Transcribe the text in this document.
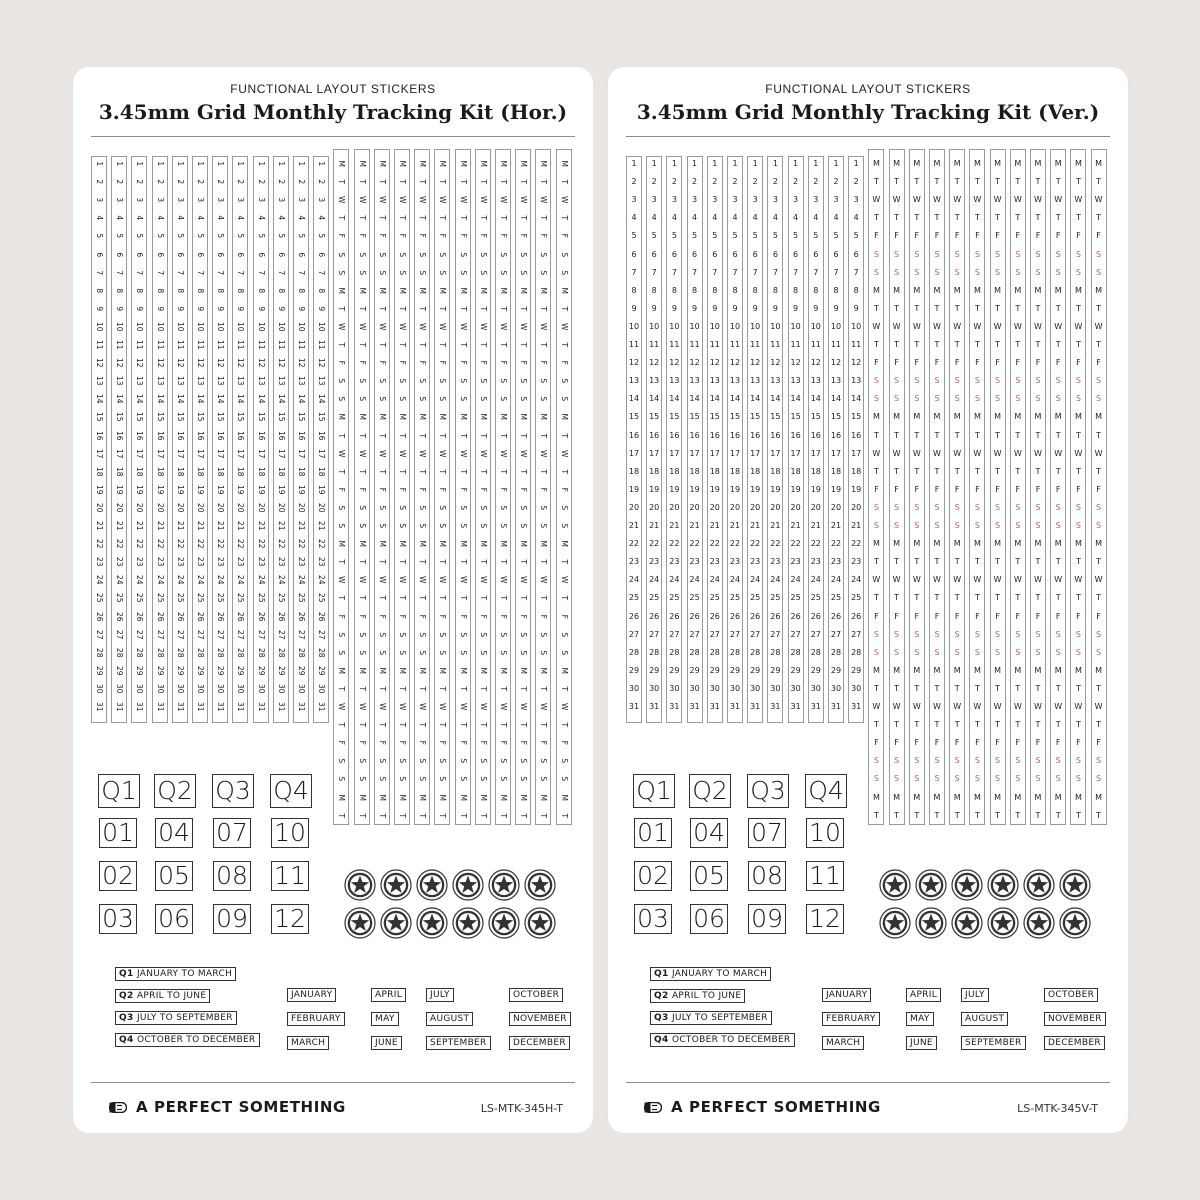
FUNCTIONAL LAYOUT STICKERS
3.45mm Grid Monthly Tracking Kit (Hor.)
1
2
3
4
5
6
7
8
9
10
11
12
13
14
15
16
17
18
19
20
21
22
23
24
25
26
27
28
29
30
31
1
2
3
4
5
6
7
8
9
10
11
12
13
14
15
16
17
18
19
20
21
22
23
24
25
26
27
28
29
30
31
1
2
3
4
5
6
7
8
9
10
11
12
13
14
15
16
17
18
19
20
21
22
23
24
25
26
27
28
29
30
31
1
2
3
4
5
6
7
8
9
10
11
12
13
14
15
16
17
18
19
20
21
22
23
24
25
26
27
28
29
30
31
1
2
3
4
5
6
7
8
9
10
11
12
13
14
15
16
17
18
19
20
21
22
23
24
25
26
27
28
29
30
31
1
2
3
4
5
6
7
8
9
10
11
12
13
14
15
16
17
18
19
20
21
22
23
24
25
26
27
28
29
30
31
1
2
3
4
5
6
7
8
9
10
11
12
13
14
15
16
17
18
19
20
21
22
23
24
25
26
27
28
29
30
31
1
2
3
4
5
6
7
8
9
10
11
12
13
14
15
16
17
18
19
20
21
22
23
24
25
26
27
28
29
30
31
1
2
3
4
5
6
7
8
9
10
11
12
13
14
15
16
17
18
19
20
21
22
23
24
25
26
27
28
29
30
31
1
2
3
4
5
6
7
8
9
10
11
12
13
14
15
16
17
18
19
20
21
22
23
24
25
26
27
28
29
30
31
1
2
3
4
5
6
7
8
9
10
11
12
13
14
15
16
17
18
19
20
21
22
23
24
25
26
27
28
29
30
31
1
2
3
4
5
6
7
8
9
10
11
12
13
14
15
16
17
18
19
20
21
22
23
24
25
26
27
28
29
30
31
M
T
W
T
F
S
S
M
T
W
T
F
S
S
M
T
W
T
F
S
S
M
T
W
T
F
S
S
M
T
W
T
F
S
S
M
T
M
T
W
T
F
S
S
M
T
W
T
F
S
S
M
T
W
T
F
S
S
M
T
W
T
F
S
S
M
T
W
T
F
S
S
M
T
M
T
W
T
F
S
S
M
T
W
T
F
S
S
M
T
W
T
F
S
S
M
T
W
T
F
S
S
M
T
W
T
F
S
S
M
T
M
T
W
T
F
S
S
M
T
W
T
F
S
S
M
T
W
T
F
S
S
M
T
W
T
F
S
S
M
T
W
T
F
S
S
M
T
M
T
W
T
F
S
S
M
T
W
T
F
S
S
M
T
W
T
F
S
S
M
T
W
T
F
S
S
M
T
W
T
F
S
S
M
T
M
T
W
T
F
S
S
M
T
W
T
F
S
S
M
T
W
T
F
S
S
M
T
W
T
F
S
S
M
T
W
T
F
S
S
M
T
M
T
W
T
F
S
S
M
T
W
T
F
S
S
M
T
W
T
F
S
S
M
T
W
T
F
S
S
M
T
W
T
F
S
S
M
T
M
T
W
T
F
S
S
M
T
W
T
F
S
S
M
T
W
T
F
S
S
M
T
W
T
F
S
S
M
T
W
T
F
S
S
M
T
M
T
W
T
F
S
S
M
T
W
T
F
S
S
M
T
W
T
F
S
S
M
T
W
T
F
S
S
M
T
W
T
F
S
S
M
T
M
T
W
T
F
S
S
M
T
W
T
F
S
S
M
T
W
T
F
S
S
M
T
W
T
F
S
S
M
T
W
T
F
S
S
M
T
M
T
W
T
F
S
S
M
T
W
T
F
S
S
M
T
W
T
F
S
S
M
T
W
T
F
S
S
M
T
W
T
F
S
S
M
T
M
T
W
T
F
S
S
M
T
W
T
F
S
S
M
T
W
T
F
S
S
M
T
W
T
F
S
S
M
T
W
T
F
S
S
M
T
A PERFECT SOMETHING	LS-MTK-345H-T
Q1 Q2 Q3 Q4
01 04 07 10
02 05 08 11
03 06 09 12
Q1 JANUARY TO MARCH
Q2 APRIL TO JUNE
Q3 JULY TO SEPTEMBER
Q4 OCTOBER TO DECEMBER
JANUARY	APRIL	JULY	OCTOBER
FEBRUARY	MAY	AUGUST	NOVEMBER
MARCH	JUNE	SEPTEMBER	DECEMBER
FUNCTIONAL LAYOUT STICKERS
3.45mm Grid Monthly Tracking Kit (Ver.)
1
2
3
4
5
6
7
8
9
10
11
12
13
14
15
16
17
18
19
20
21
22
23
24
25
26
27
28
29
30
31
1
2
3
4
5
6
7
8
9
10
11
12
13
14
15
16
17
18
19
20
21
22
23
24
25
26
27
28
29
30
31
1
2
3
4
5
6
7
8
9
10
11
12
13
14
15
16
17
18
19
20
21
22
23
24
25
26
27
28
29
30
31
1
2
3
4
5
6
7
8
9
10
11
12
13
14
15
16
17
18
19
20
21
22
23
24
25
26
27
28
29
30
31
1
2
3
4
5
6
7
8
9
10
11
12
13
14
15
16
17
18
19
20
21
22
23
24
25
26
27
28
29
30
31
1
2
3
4
5
6
7
8
9
10
11
12
13
14
15
16
17
18
19
20
21
22
23
24
25
26
27
28
29
30
31
1
2
3
4
5
6
7
8
9
10
11
12
13
14
15
16
17
18
19
20
21
22
23
24
25
26
27
28
29
30
31
1
2
3
4
5
6
7
8
9
10
11
12
13
14
15
16
17
18
19
20
21
22
23
24
25
26
27
28
29
30
31
1
2
3
4
5
6
7
8
9
10
11
12
13
14
15
16
17
18
19
20
21
22
23
24
25
26
27
28
29
30
31
1
2
3
4
5
6
7
8
9
10
11
12
13
14
15
16
17
18
19
20
21
22
23
24
25
26
27
28
29
30
31
1
2
3
4
5
6
7
8
9
10
11
12
13
14
15
16
17
18
19
20
21
22
23
24
25
26
27
28
29
30
31
1
2
3
4
5
6
7
8
9
10
11
12
13
14
15
16
17
18
19
20
21
22
23
24
25
26
27
28
29
30
31
M
T
W
T
F
S
S
M
T
W
T
F
S
S
M
T
W
T
F
S
S
M
T
W
T
F
S
S
M
T
W
T
F
S
S
M
T
M
T
W
T
F
S
S
M
T
W
T
F
S
S
M
T
W
T
F
S
S
M
T
W
T
F
S
S
M
T
W
T
F
S
S
M
T
M
T
W
T
F
S
S
M
T
W
T
F
S
S
M
T
W
T
F
S
S
M
T
W
T
F
S
S
M
T
W
T
F
S
S
M
T
M
T
W
T
F
S
S
M
T
W
T
F
S
S
M
T
W
T
F
S
S
M
T
W
T
F
S
S
M
T
W
T
F
S
S
M
T
M
T
W
T
F
S
S
M
T
W
T
F
S
S
M
T
W
T
F
S
S
M
T
W
T
F
S
S
M
T
W
T
F
S
S
M
T
M
T
W
T
F
S
S
M
T
W
T
F
S
S
M
T
W
T
F
S
S
M
T
W
T
F
S
S
M
T
W
T
F
S
S
M
T
M
T
W
T
F
S
S
M
T
W
T
F
S
S
M
T
W
T
F
S
S
M
T
W
T
F
S
S
M
T
W
T
F
S
S
M
T
M
T
W
T
F
S
S
M
T
W
T
F
S
S
M
T
W
T
F
S
S
M
T
W
T
F
S
S
M
T
W
T
F
S
S
M
T
M
T
W
T
F
S
S
M
T
W
T
F
S
S
M
T
W
T
F
S
S
M
T
W
T
F
S
S
M
T
W
T
F
S
S
M
T
M
T
W
T
F
S
S
M
T
W
T
F
S
S
M
T
W
T
F
S
S
M
T
W
T
F
S
S
M
T
W
T
F
S
S
M
T
M
T
W
T
F
S
S
M
T
W
T
F
S
S
M
T
W
T
F
S
S
M
T
W
T
F
S
S
M
T
W
T
F
S
S
M
T
M
T
W
T
F
S
S
M
T
W
T
F
S
S
M
T
W
T
F
S
S
M
T
W
T
F
S
S
M
T
W
T
F
S
S
M
T
A PERFECT SOMETHING	LS-MTK-345V-T
Q1 Q2 Q3 Q4
01 04 07 10
02 05 08 11
03 06 09 12
Q1 JANUARY TO MARCH
Q2 APRIL TO JUNE
Q3 JULY TO SEPTEMBER
Q4 OCTOBER TO DECEMBER
JANUARY	APRIL	JULY	OCTOBER
FEBRUARY	MAY	AUGUST	NOVEMBER
MARCH	JUNE	SEPTEMBER	DECEMBER
